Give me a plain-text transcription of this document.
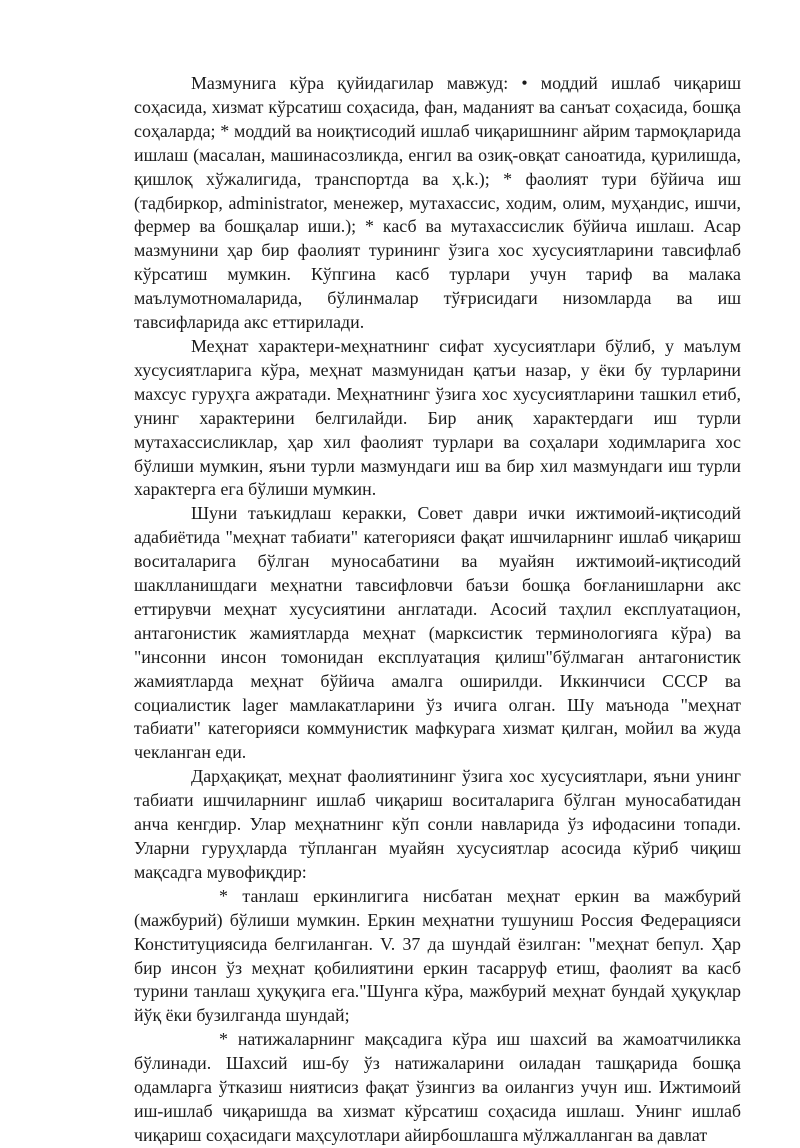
Мазмунига кўра қуйидагилар мавжуд: • моддий ишлаб чиқариш соҳасида, хизмат кўрсатиш соҳасида, фан, маданият ва санъат соҳасида, бошқа соҳаларда; * моддий ва ноиқтисодий ишлаб чиқаришнинг айрим тармоқларида ишлаш (масалан, машинасозликда, енгил ва озиқ-овқат саноатида, қурилишда, қишлоқ хўжалигида, транспортда ва ҳ.k.); * фаолият тури бўйича иш (тадбиркор, administrator, менежер, мутахассис, ходим, олим, муҳандис, ишчи, фермер ва бошқалар иши.); * касб ва мутахассислик бўйича ишлаш. Асар мазмунини ҳар бир фаолият турининг ўзига хос хусусиятларини тавсифлаб кўрсатиш мумкин. Кўпгина касб турлари учун тариф ва малака маълумотномаларида, бўлинмалар тўғрисидаги низомларда ва иш тавсифларида акс еттирилади.

Меҳнат характери-меҳнатнинг сифат хусусиятлари бўлиб, у маълум хусусиятларига кўра, меҳнат мазмунидан қатъи назар, у ёки бу турларини махсус гуруҳга ажратади. Меҳнатнинг ўзига хос хусусиятларини ташкил етиб, унинг характерини белгилайди. Бир аниқ характердаги иш турли мутахассисликлар, ҳар хил фаолият турлари ва соҳалари ходимларига хос бўлиши мумкин, яъни турли мазмундаги иш ва бир хил мазмундаги иш турли характерга ега бўлиши мумкин.

Шуни таъкидлаш керакки, Совет даври ички ижтимоий-иқтисодий адабиётида "меҳнат табиати" категорияси фақат ишчиларнинг ишлаб чиқариш воситаларига бўлган муносабатини ва муайян ижтимоий-иқтисодий шаклланишдаги меҳнатни тавсифловчи баъзи бошқа боғланишларни акс еттирувчи меҳнат хусусиятини англатади. Асосий таҳлил експлуатацион, антагонистик жамиятларда меҳнат (марксистик терминологияга кўра) ва "инсонни инсон томонидан експлуатация қилиш"бўлмаган антагонистик жамиятларда меҳнат бўйича амалга оширилди. Иккинчиси СССР ва социалистик lager мамлакатларини ўз ичига олган. Шу маънода "меҳнат табиати" категорияси коммунистик мафкурага хизмат қилган, мойил ва жуда чекланган еди.

Дарҳақиқат, меҳнат фаолиятининг ўзига хос хусусиятлари, яъни унинг табиати ишчиларнинг ишлаб чиқариш воситаларига бўлган муносабатидан анча кенгдир. Улар меҳнатнинг кўп сонли навларида ўз ифодасини топади. Уларни гуруҳларда тўпланган муайян хусусиятлар асосида кўриб чиқиш мақсадга мувофиқдир:

* танлаш еркинлигига нисбатан меҳнат еркин ва мажбурий (мажбурий) бўлиши мумкин. Еркин меҳнатни тушуниш Россия Федерацияси Конституциясида белгиланган. V. 37 да шундай ёзилган: "меҳнат бепул. Ҳар бир инсон ўз меҳнат қобилиятини еркин тасарруф етиш, фаолият ва касб турини танлаш ҳуқуқига ега."Шунга кўра, мажбурий меҳнат бундай ҳуқуқлар йўқ ёки бузилганда шундай;

* натижаларнинг мақсадига кўра иш шахсий ва жамоатчиликка бўлинади. Шахсий иш-бу ўз натижаларини оиладан ташқарида бошқа одамларга ўтказиш ниятисиз фақат ўзингиз ва оилангиз учун иш. Ижтимоий иш-ишлаб чиқаришда ва хизмат кўрсатиш соҳасида ишлаш. Унинг ишлаб чиқариш соҳасидаги маҳсулотлари айирбошлашга мўлжалланган ва давлат
